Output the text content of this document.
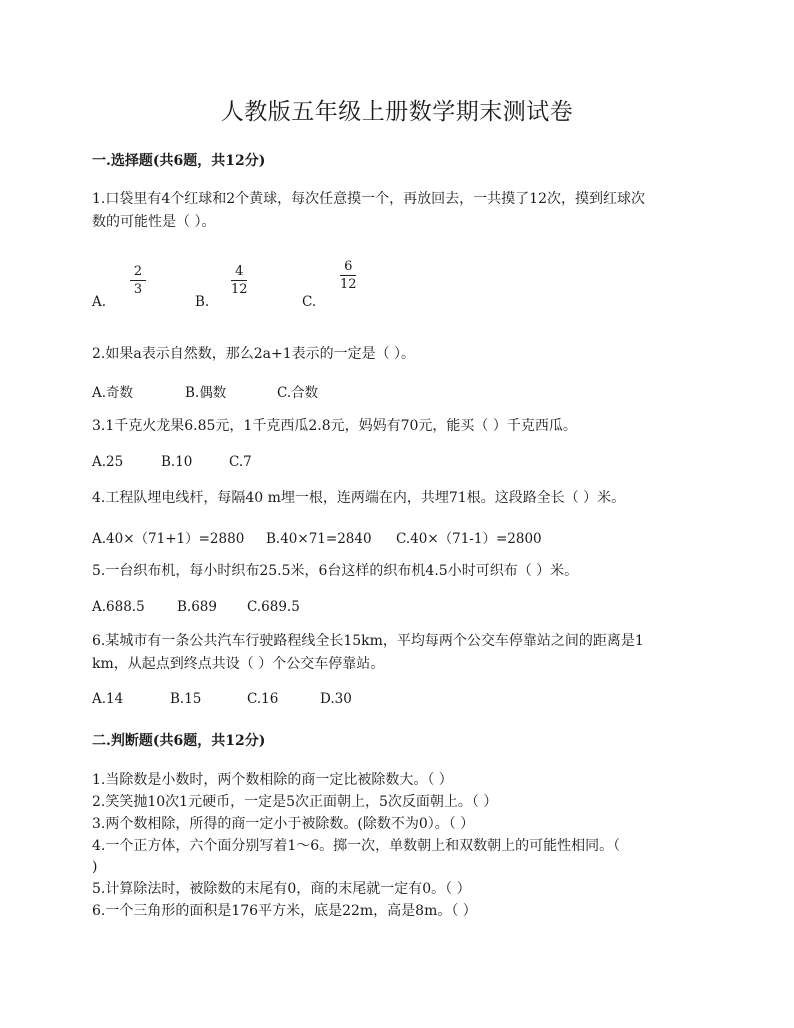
人教版五年级上册数学期末测试卷
一.选择题(共6题，共12分)
1.口袋里有4个红球和2个黄球，每次任意摸一个，再放回去，一共摸了12次，摸到红球次
数的可能性是（ ）。
A.
2
3
B.
4
12
C.
6
12
2.如果a表示自然数，那么2a+1表示的一定是（ ）。
A.奇数	B.偶数	C.合数
3.1千克火龙果6.85元，1千克西瓜2.8元，妈妈有70元，能买（ ）千克西瓜。
A.25	B.10	C.7
4.工程队埋电线杆，每隔40 m埋一根，连两端在内，共埋71根。这段路全长（ ）米。
A.40×（71+1）=2880 B.40×71=2840 C.40×（71-1）=2800
5.一台织布机，每小时织布25.5米，6台这样的织布机4.5小时可织布（ ）米。
A.688.5 B.689 C.689.5
6.某城市有一条公共汽车行驶路程线全长15km，平均每两个公交车停靠站之间的距离是1
km，从起点到终点共设（ ）个公交车停靠站。
A.14	B.15	C.16	D.30
二.判断题(共6题，共12分)
1.当除数是小数时，两个数相除的商一定比被除数大。（ ）
2.笑笑抛10次1元硬币，一定是5次正面朝上，5次反面朝上。（ ）
3.两个数相除，所得的商一定小于被除数。(除数不为0）。（ ）
4.一个正方体，六个面分别写着1～6。掷一次，单数朝上和双数朝上的可能性相同。（
)
5.计算除法时，被除数的末尾有0，商的末尾就一定有0。（ ）
6.一个三角形的面积是176平方米，底是22m，高是8m。（ ）
